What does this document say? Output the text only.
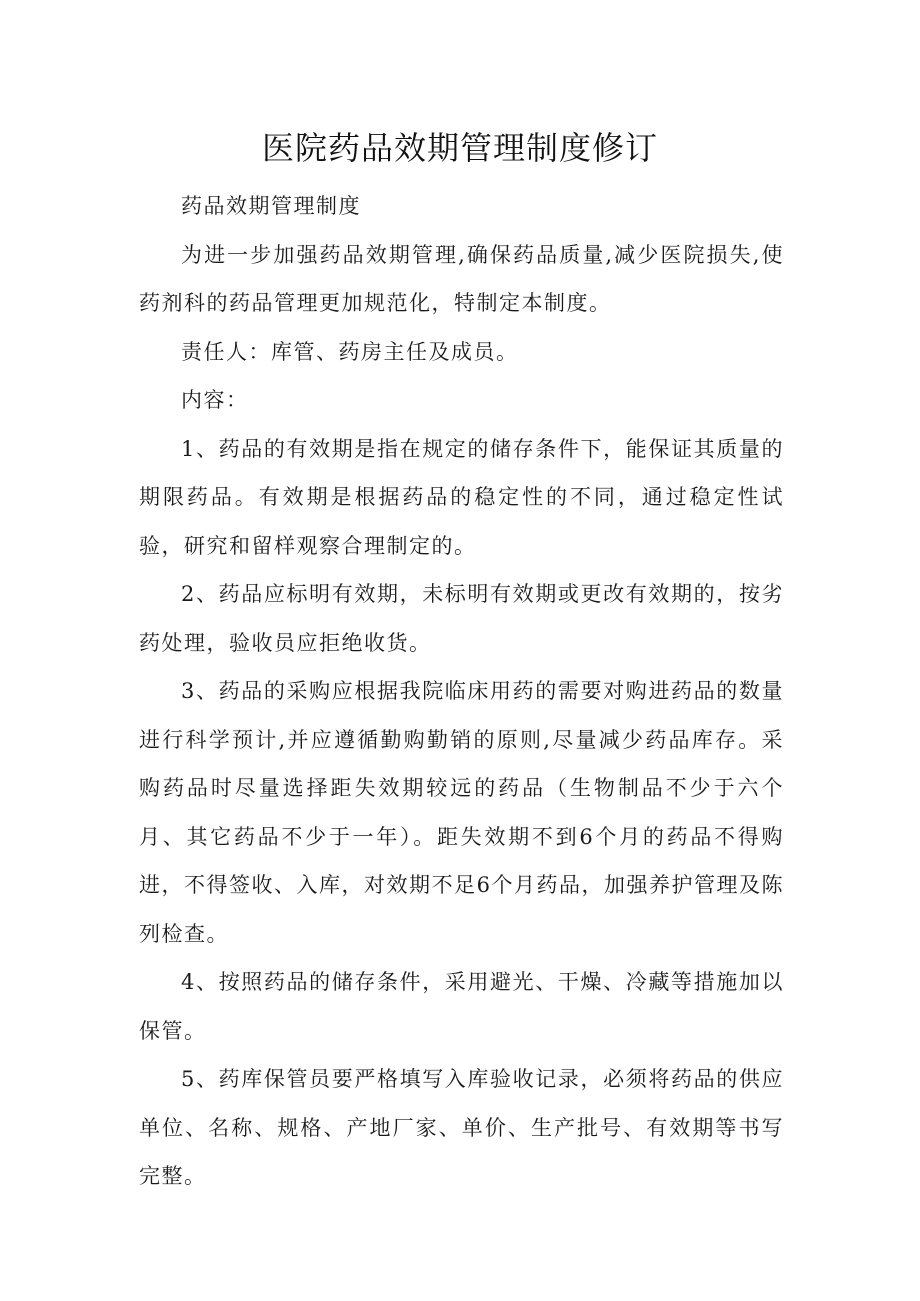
医院药品效期管理制度修订

药品效期管理制度

为进一步加强药品效期管理,确保药品质量,减少医院损失,使药剂科的药品管理更加规范化，特制定本制度。

责任人：库管、药房主任及成员。

内容：

1、药品的有效期是指在规定的储存条件下，能保证其质量的期限药品。有效期是根据药品的稳定性的不同，通过稳定性试验，研究和留样观察合理制定的。

2、药品应标明有效期，未标明有效期或更改有效期的，按劣药处理，验收员应拒绝收货。

3、药品的采购应根据我院临床用药的需要对购进药品的数量进行科学预计,并应遵循勤购勤销的原则,尽量减少药品库存。采购药品时尽量选择距失效期较远的药品（生物制品不少于六个月、其它药品不少于一年）。距失效期不到6个月的药品不得购进，不得签收、入库，对效期不足6个月药品，加强养护管理及陈列检查。

4、按照药品的储存条件，采用避光、干燥、冷藏等措施加以保管。

5、药库保管员要严格填写入库验收记录，必须将药品的供应单位、名称、规格、产地厂家、单价、生产批号、有效期等书写完整。
